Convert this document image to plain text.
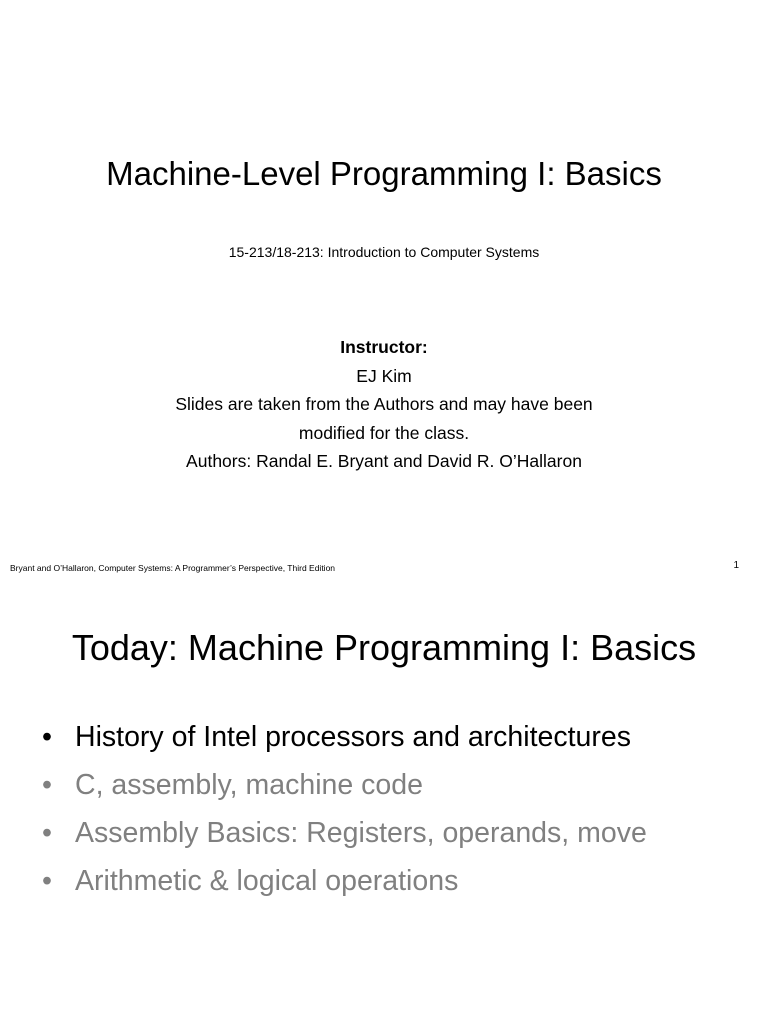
Machine-Level Programming I: Basics
15-213/18-213: Introduction to Computer Systems
Instructor:
EJ Kim
Slides are taken from the Authors and may have been
modified for the class.
Authors: Randal E. Bryant and David R. O’Hallaron
Bryant and O’Hallaron, Computer Systems: A Programmer’s Perspective, Third Edition	1
Today: Machine Programming I: Basics
• History of Intel processors and architectures
• C, assembly, machine code
• Assembly Basics: Registers, operands, move
• Arithmetic & logical operations
